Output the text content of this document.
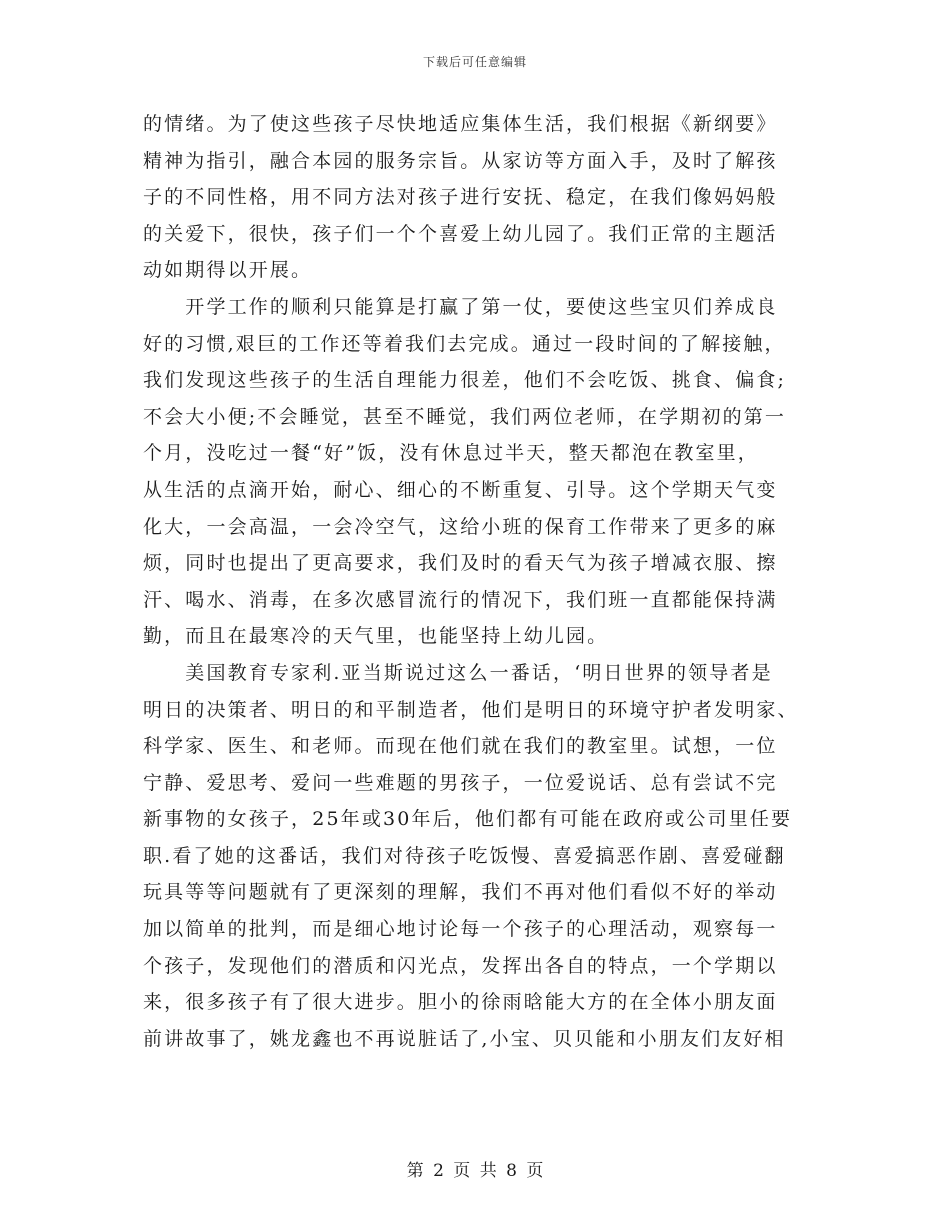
下载后可任意编辑
的情绪。为了使这些孩子尽快地适应集体生活，我们根据《新纲要》
精神为指引，融合本园的服务宗旨。从家访等方面入手，及时了解孩
子的不同性格，用不同方法对孩子进行安抚、稳定，在我们像妈妈般
的关爱下，很快，孩子们一个个喜爱上幼儿园了。我们正常的主题活
动如期得以开展。
　　开学工作的顺利只能算是打赢了第一仗，要使这些宝贝们养成良
好的习惯,艰巨的工作还等着我们去完成。通过一段时间的了解接触，
我们发现这些孩子的生活自理能力很差，他们不会吃饭、挑食、偏食;
不会大小便;不会睡觉，甚至不睡觉，我们两位老师，在学期初的第一
个月，没吃过一餐“好”饭，没有休息过半天，整天都泡在教室里，
从生活的点滴开始，耐心、细心的不断重复、引导。这个学期天气变
化大，一会高温，一会冷空气，这给小班的保育工作带来了更多的麻
烦，同时也提出了更高要求，我们及时的看天气为孩子增减衣服、擦
汗、喝水、消毒，在多次感冒流行的情况下，我们班一直都能保持满
勤，而且在最寒冷的天气里，也能坚持上幼儿园。
　　美国教育专家利.亚当斯说过这么一番话，‘明日世界的领导者是
明日的决策者、明日的和平制造者，他们是明日的环境守护者发明家、
科学家、医生、和老师。而现在他们就在我们的教室里。试想，一位
宁静、爱思考、爱问一些难题的男孩子，一位爱说话、总有尝试不完
新事物的女孩子，25年或30年后，他们都有可能在政府或公司里任要
职.看了她的这番话，我们对待孩子吃饭慢、喜爱搞恶作剧、喜爱碰翻
玩具等等问题就有了更深刻的理解，我们不再对他们看似不好的举动
加以简单的批判，而是细心地讨论每一个孩子的心理活动，观察每一
个孩子，发现他们的潜质和闪光点，发挥出各自的特点，一个学期以
来，很多孩子有了很大进步。胆小的徐雨晗能大方的在全体小朋友面
前讲故事了，姚龙鑫也不再说脏话了,小宝、贝贝能和小朋友们友好相
第 2 页 共 8 页
